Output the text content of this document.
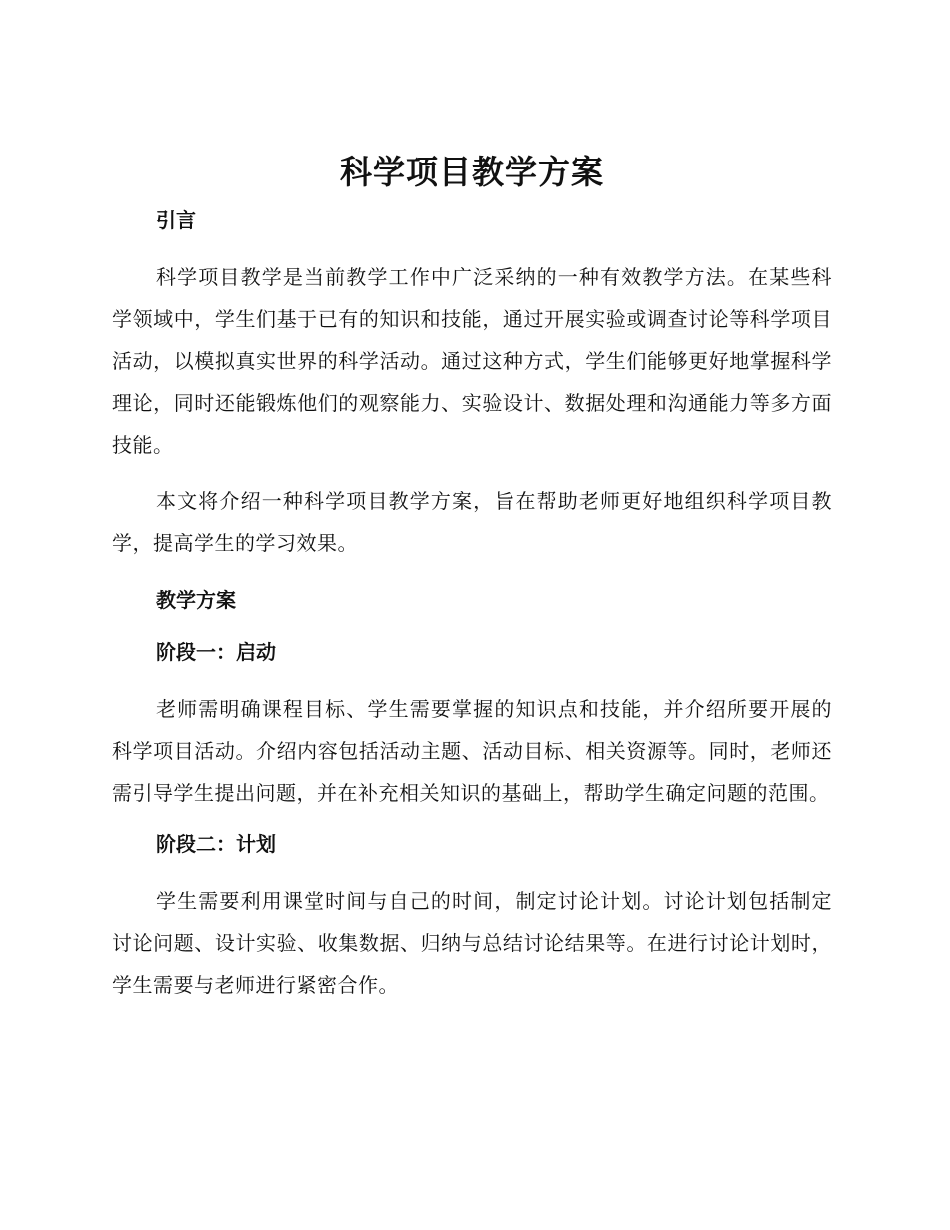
科学项目教学方案
引言

科学项目教学是当前教学工作中广泛采纳的一种有效教学方法。在某些科学领域中，学生们基于已有的知识和技能，通过开展实验或调查讨论等科学项目活动，以模拟真实世界的科学活动。通过这种方式，学生们能够更好地掌握科学理论，同时还能锻炼他们的观察能力、实验设计、数据处理和沟通能力等多方面技能。

本文将介绍一种科学项目教学方案，旨在帮助老师更好地组织科学项目教学，提高学生的学习效果。

教学方案
阶段一：启动

老师需明确课程目标、学生需要掌握的知识点和技能，并介绍所要开展的科学项目活动。介绍内容包括活动主题、活动目标、相关资源等。同时，老师还需引导学生提出问题，并在补充相关知识的基础上，帮助学生确定问题的范围。

阶段二：计划

学生需要利用课堂时间与自己的时间，制定讨论计划。讨论计划包括制定讨论问题、设计实验、收集数据、归纳与总结讨论结果等。在进行讨论计划时，学生需要与老师进行紧密合作。
